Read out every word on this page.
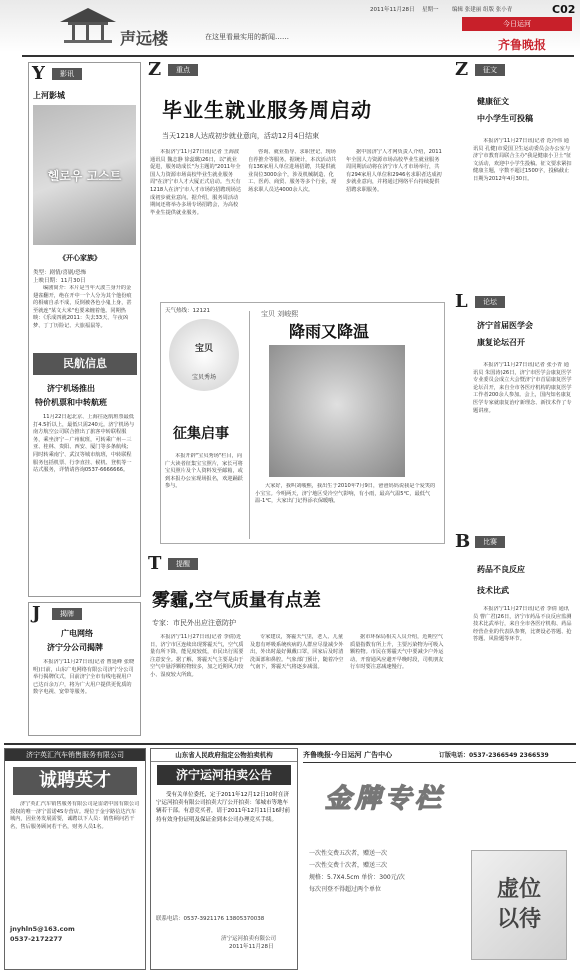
声远楼	在这里看最实用的新闻……
2011年11月28日 星期一 编辑 张建丽 组版 张小青	C02
今日运河
齐鲁晚报
Y	影讯
上河影城
헬로우 고스트
《开心家族》
类型：剧情/喜剧/恐怖
上映日期：11月30日
编剧简介：本片是当年大波兰身升的金翅雀翻开，绝在开中一个人分为其个他份痕的相痛自杀不成，反倒被各色小鬼上身，甚至就连"某文大米"也要来缠着他。同期热映：《乐成四就2011：失去33天、午夜凶梦、丁丁历险记、大旅福鼠等。
民航信息
济宁机场推出
特价机票和中转航班
11月22日起北京、上海往返航班票最低打4.5折以上，最低只需240元。济宁机场与南方航空公司联合推出了旅客中转联程服务，乘坐济宁－广州航班，可转乘广州－三亚、桂林、贵阳、西安、厦门等多条航线；同时转乘南宁、武汉等城市航班，中转联程服务包括机票、行李直挂、候机、登机等一站式服务，详情请咨询0537-6666666。
J	揭牌
广电网络
济宁分公司揭牌
本报济宁11月27日讯(记者 曹延峰 张晓明)日前，山东广电网络有限公司济宁分公司举行揭牌仪式，目前济宁全市有线电视用户已达百余万户，将为广大用户提供更优质的数字电视、宽带等服务。
Z	重点
毕业生就业服务周启动
当天1218人达成初步就业意向，活动12月4日结束
本报济宁11月27日讯(记者 王海波 通讯员 魏志静 徐蕊璐)26日，以"就业促进，服务助成长"为主题的"2011年全国人力资源市场高校毕业生就业服务周"在济宁市人才大厦正式启动。当天有1218人在济宁市人才市场的招聘现场达成初步就业意向。据介绍，服务周活动期间还将举办多场专场招聘会，为高校毕业生提供就业服务。
咨询、就业指导、求职登记、现场自荐推介等服务。据统计，本次活动共有136家用人单位进场招聘，共提供就业岗位3000余个，涉及机械制造、化工、医药、商贸、服务等多个行业，现场求职人员达4000余人次。
据中国济宁人才网负责人介绍，2011年全国人力资源市场高校毕业生就业服务周同期活动将在济宁市人才市场举行，共有294家用人单位和2946名求职者达成初步就业意向，并将通过网络平台持续提供招聘求职服务。
天气热线：12121
宝贝
宝贝秀场
征集启事
本报开辟"宝贝秀场"栏目，向广大读者征集宝宝照片，家长可将宝贝照片及个人资料发至邮箱，或到本报办公室现场报名，欢迎踊跃参与。
宝贝 刘峻熙
降雨又降温
大家好，我叫刘峻熙，我出生于2010年7月9日，爸爸妈妈说我是个爱笑的小宝宝。今明两天，济宁地区受冷空气影响，有小雨，最高气温5℃，最低气温-1℃，大家出门记得添衣保暖哦。
T	提醒
雾霾,空气质量有点差
专家：市民外出应注意防护
本报济宁11月27日讯(记者 李倩)近日，济宁市区连续出现雾霾天气，空气质量有所下降，能见度较低，市民出行需要注意安全。据了解，雾霾天气主要是由于空气中悬浮颗粒物较多，加之近期风力较小、湿度较大所致。
专家建议，雾霾天气里，老人、儿童及患有呼吸系统疾病的人群应尽量减少外出，外出时最好佩戴口罩，回家后及时清洗面部和鼻腔。气象部门预计，随着冷空气南下，雾霾天气将逐步减弱。
据市环保局相关人员介绍，近期空气质量指数有所上升，主要污染物为可吸入颗粒物。市民在雾霾天气中要减少户外运动，开窗通风应避开早晚时段，司机朋友行车时要注意减速慢行。
Z	征文
健康征文
中小学生可投稿
本报济宁11月27日讯(记者 范冷伟 通讯员 孔健)市爱国卫生运动委员会办公室与济宁市教育局联合主办"我是健康小卫士"征文活动，欢迎中小学生投稿。征文要求紧扣健康主题，字数不超过1500字，投稿截止日期为2012年4月30日。
L	论坛
济宁首届医学会
康复论坛召开
本报济宁11月27日讯(记者 张小青 通讯员 朱国涛)26日，济宁市医学会康复医学专业委员会成立大会暨济宁市首届康复医学论坛召开，来自全市各医疗机构的康复医学工作者200余人参加。会上，国内知名康复医学专家就康复治疗新理念、新技术作了专题讲座。
B	比赛
药品不良反应
技术比武
本报济宁11月27日讯(记者 李倩 通讯员 曹广君)26日，济宁市药品不良反应监测技术比武举行，来自全市各医疗机构、药品经营企业的代表队参赛，比赛设必答题、抢答题、风险题等环节。
济宁英汇汽车销售服务有限公司
诚聘英才
济宁英汇汽车销售服务有限公司是雷诺中国有限公司授权的唯一济宁雷诺4S专营店。现位于金宇路信达汽车城内，因业务发展需要，诚聘以下人员：销售顾问若干名，售后服务顾问若干名，财务人员1名。
jnyhln5@163.com
0537-2172277
山东省人民政府指定公物拍卖机构
济宁运河拍卖公告
受有关单位委托，定于2011年12月12日10时在济宁运河拍卖有限公司拍卖大厅公开拍卖：邹城市等地车辆若干部。有意竞买者，请于2011年12月11日16时前持有效身份证明及保证金到本公司办理竞买手续。
联系电话：0537-3921176 13805370038
济宁运河拍卖有限公司
2011年11月28日
齐鲁晚报·今日运河 广告中心	订版电话：0537-2366549 2366539
金牌专栏
一次性交费五次者，赠送一次
一次性交费十次者，赠送三次
规格：5.7X4.5cm 单价：300元/次
每次刊登不得超过两个单位	虚位以待
